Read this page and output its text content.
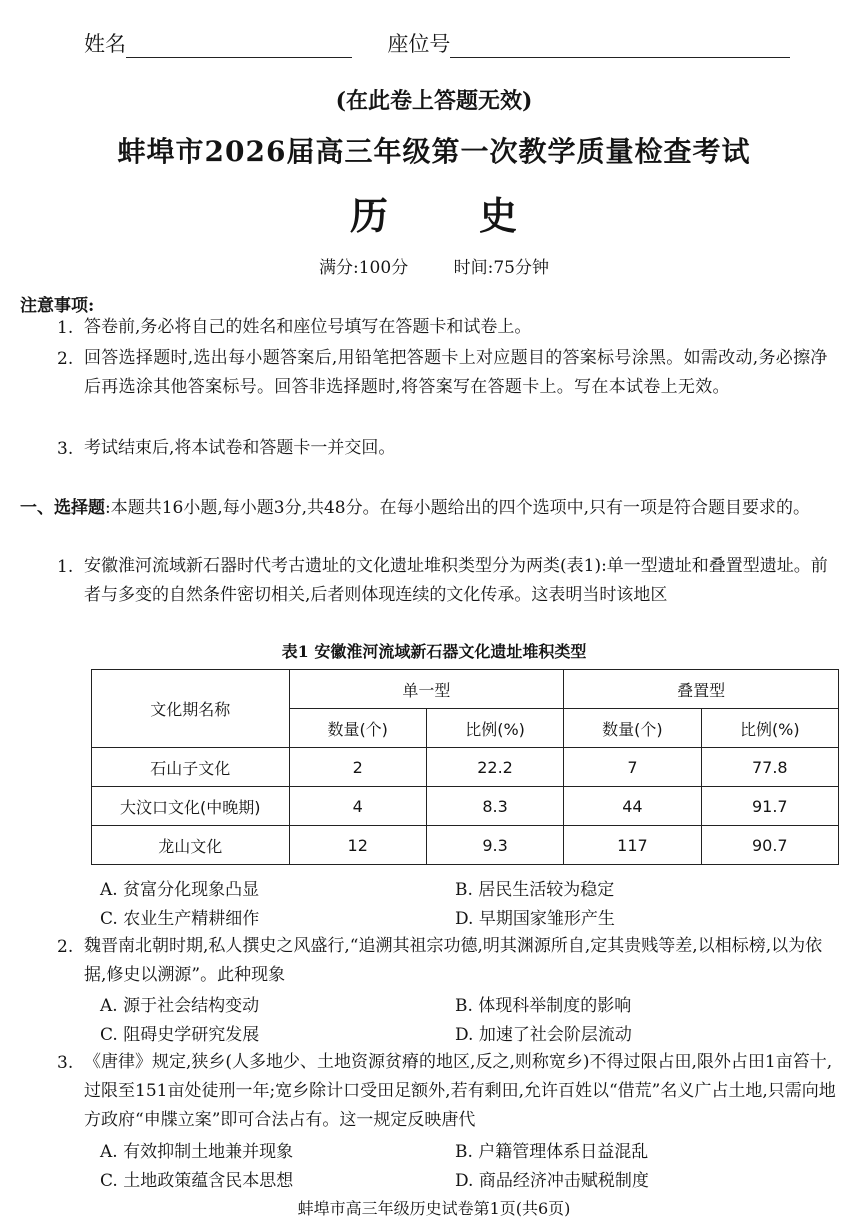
姓名	座位号
(在此卷上答题无效)
蚌埠市2026届高三年级第一次教学质量检查考试
历 史
满分:100分	时间:75分钟
注意事项:
1. 答卷前,务必将自己的姓名和座位号填写在答题卡和试卷上。
2. 回答选择题时,选出每小题答案后,用铅笔把答题卡上对应题目的答案标号涂黑。如需改动,务必擦净后再选涂其他答案标号。回答非选择题时,将答案写在答题卡上。写在本试卷上无效。
3. 考试结束后,将本试卷和答题卡一并交回。
一、选择题:本题共16小题,每小题3分,共48分。在每小题给出的四个选项中,只有一项是符合题目要求的。
1. 安徽淮河流域新石器时代考古遗址的文化遗址堆积类型分为两类(表1):单一型遗址和叠置型遗址。前者与多变的自然条件密切相关,后者则体现连续的文化传承。这表明当时该地区
表1 安徽淮河流域新石器文化遗址堆积类型
文化期名称	单一型		叠置型	
	数量(个)	比例(%)	数量(个)	比例(%)
石山子文化	2	22.2	7	77.8
大汶口文化(中晚期)	4	8.3	44	91.7
龙山文化	12	9.3	117	90.7
A. 贫富分化现象凸显	B. 居民生活较为稳定
C. 农业生产精耕细作	D. 早期国家雏形产生
2. 魏晋南北朝时期,私人撰史之风盛行,“追溯其祖宗功德,明其渊源所自,定其贵贱等差,以相标榜,以为依据,修史以溯源”。此种现象
A. 源于社会结构变动	B. 体现科举制度的影响
C. 阻碍史学研究发展	D. 加速了社会阶层流动
3. 《唐律》规定,狭乡(人多地少、土地资源贫瘠的地区,反之,则称宽乡)不得过限占田,限外占田1亩笞十,过限至151亩处徒刑一年;宽乡除计口受田足额外,若有剩田,允许百姓以“借荒”名义广占土地,只需向地方政府“申牒立案”即可合法占有。这一规定反映唐代
A. 有效抑制土地兼并现象	B. 户籍管理体系日益混乱
C. 土地政策蕴含民本思想	D. 商品经济冲击赋税制度
蚌埠市高三年级历史试卷第1页(共6页)
